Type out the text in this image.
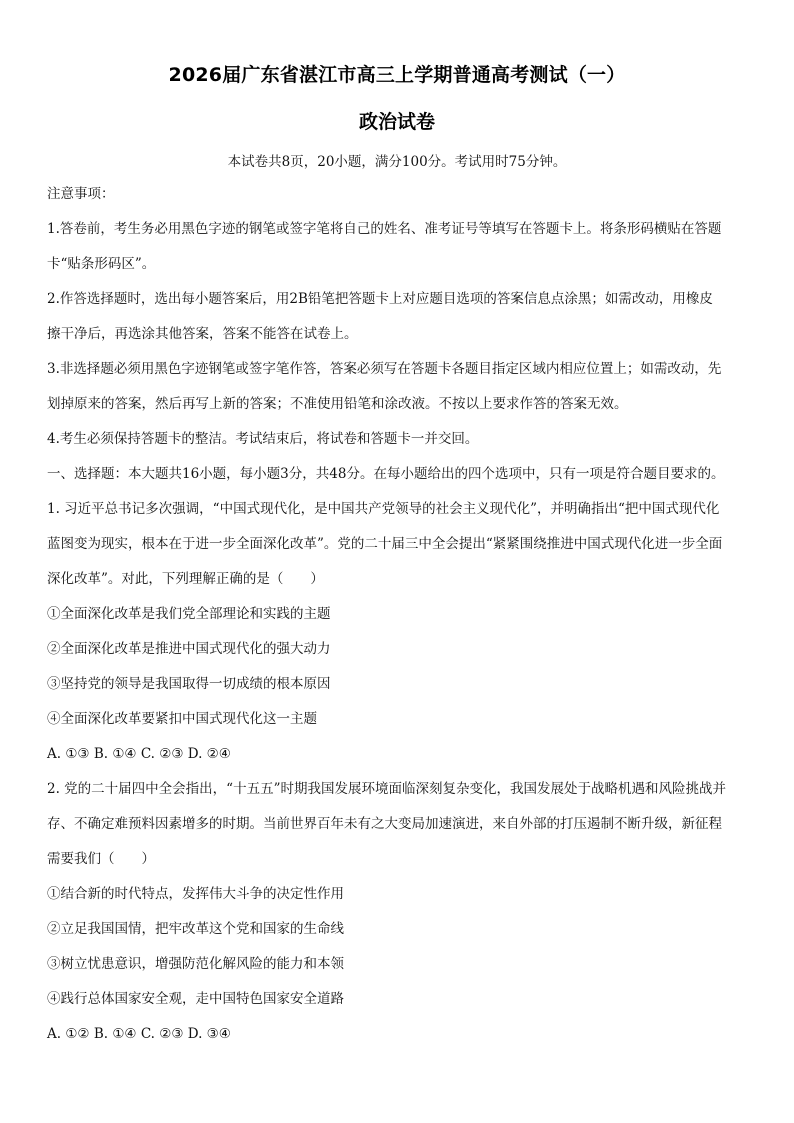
2026届广东省湛江市高三上学期普通高考测试（一）
政治试卷
本试卷共8页，20小题，满分100分。考试用时75分钟。
注意事项：
1.答卷前，考生务必用黑色字迹的钢笔或签字笔将自己的姓名、准考证号等填写在答题卡上。将条形码横贴在答题
卡“贴条形码区”。
2.作答选择题时，选出每小题答案后，用2B铅笔把答题卡上对应题目选项的答案信息点涂黑；如需改动，用橡皮
擦干净后，再选涂其他答案，答案不能答在试卷上。
3.非选择题必须用黑色字迹钢笔或签字笔作答，答案必须写在答题卡各题目指定区域内相应位置上；如需改动，先
划掉原来的答案，然后再写上新的答案；不准使用铅笔和涂改液。不按以上要求作答的答案无效。
4.考生必须保持答题卡的整洁。考试结束后，将试卷和答题卡一并交回。
一、选择题：本大题共16小题，每小题3分，共48分。在每小题给出的四个选项中，只有一项是符合题目要求的。
1. 习近平总书记多次强调，“中国式现代化，是中国共产党领导的社会主义现代化”，并明确指出“把中国式现代化
蓝图变为现实，根本在于进一步全面深化改革”。党的二十届三中全会提出“紧紧围绕推进中国式现代化进一步全面
深化改革”。对此，下列理解正确的是（　　）
①全面深化改革是我们党全部理论和实践的主题
②全面深化改革是推进中国式现代化的强大动力
③坚持党的领导是我国取得一切成绩的根本原因
④全面深化改革要紧扣中国式现代化这一主题
A. ①③ B. ①④ C. ②③ D. ②④
2. 党的二十届四中全会指出，“十五五”时期我国发展环境面临深刻复杂变化，我国发展处于战略机遇和风险挑战并
存、不确定难预料因素增多的时期。当前世界百年未有之大变局加速演进，来自外部的打压遏制不断升级，新征程
需要我们（　　）
①结合新的时代特点，发挥伟大斗争的决定性作用
②立足我国国情，把牢改革这个党和国家的生命线
③树立忧患意识，增强防范化解风险的能力和本领
④践行总体国家安全观，走中国特色国家安全道路
A. ①② B. ①④ C. ②③ D. ③④
